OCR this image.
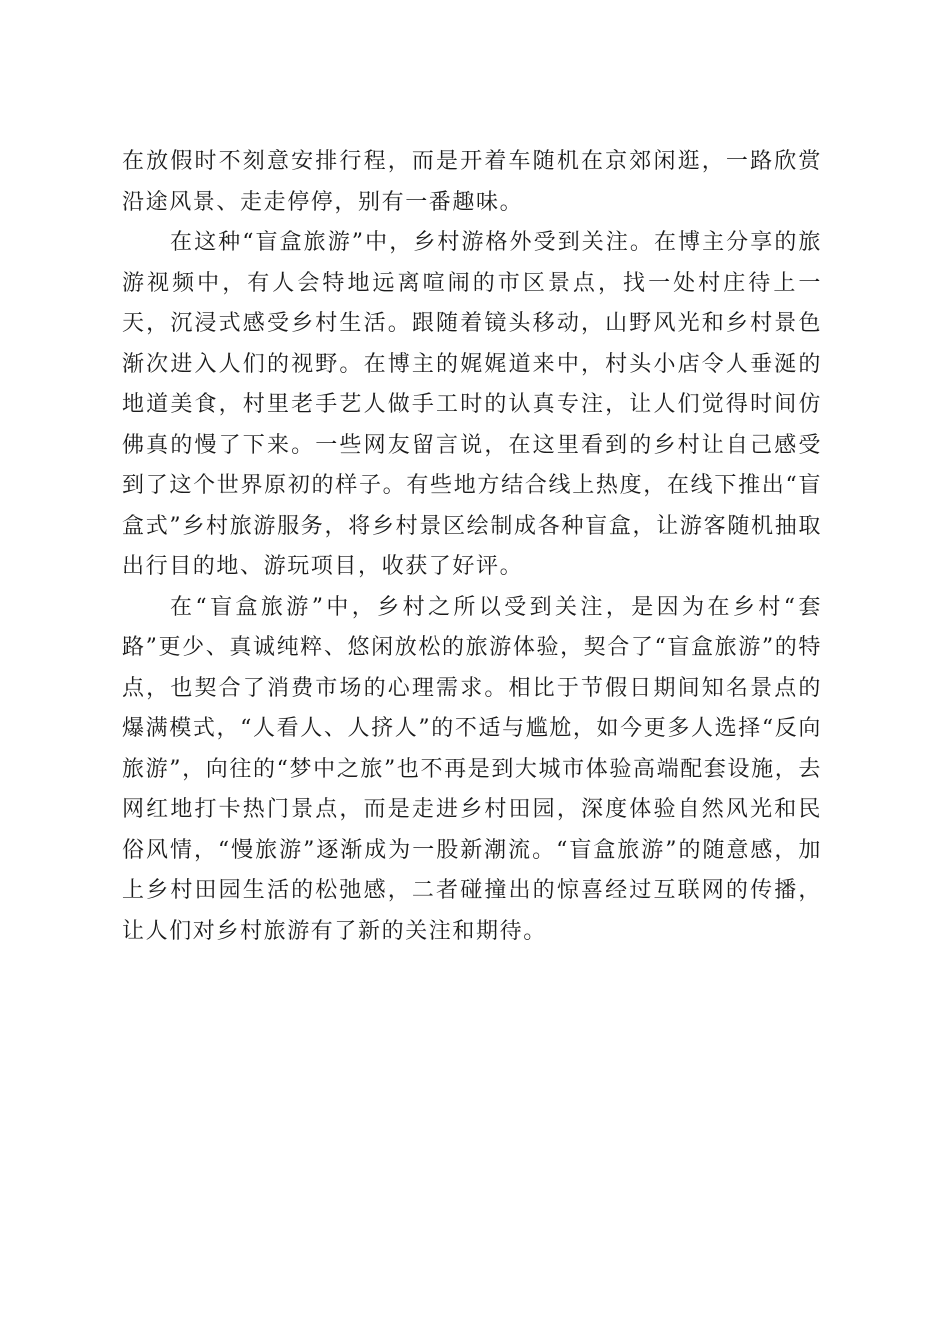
在放假时不刻意安排行程，而是开着车随机在京郊闲逛，一路欣赏沿途风景、走走停停，别有一番趣味。

在这种“盲盒旅游”中，乡村游格外受到关注。在博主分享的旅游视频中，有人会特地远离喧闹的市区景点，找一处村庄待上一天，沉浸式感受乡村生活。跟随着镜头移动，山野风光和乡村景色渐次进入人们的视野。在博主的娓娓道来中，村头小店令人垂涎的地道美食，村里老手艺人做手工时的认真专注，让人们觉得时间仿佛真的慢了下来。一些网友留言说，在这里看到的乡村让自己感受到了这个世界原初的样子。有些地方结合线上热度，在线下推出“盲盒式”乡村旅游服务，将乡村景区绘制成各种盲盒，让游客随机抽取出行目的地、游玩项目，收获了好评。

在“盲盒旅游”中，乡村之所以受到关注，是因为在乡村“套路”更少、真诚纯粹、悠闲放松的旅游体验，契合了“盲盒旅游”的特点，也契合了消费市场的心理需求。相比于节假日期间知名景点的爆满模式，“人看人、人挤人”的不适与尴尬，如今更多人选择“反向旅游”，向往的“梦中之旅”也不再是到大城市体验高端配套设施，去网红地打卡热门景点，而是走进乡村田园，深度体验自然风光和民俗风情，“慢旅游”逐渐成为一股新潮流。“盲盒旅游”的随意感，加上乡村田园生活的松弛感，二者碰撞出的惊喜经过互联网的传播，让人们对乡村旅游有了新的关注和期待。
